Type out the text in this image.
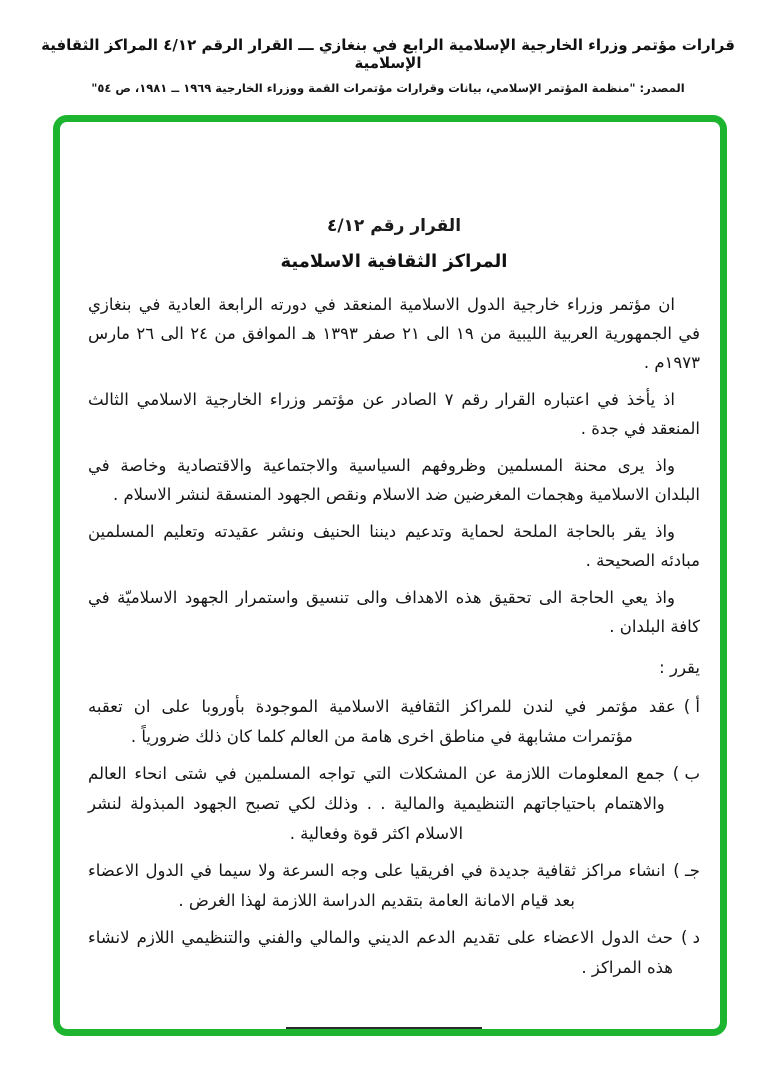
قرارات مؤتمر وزراء الخارجية الإسلامية الرابع في بنغازي ـــ القرار الرقم ٤/١٢ المراكز الثقافية الإسلامية
المصدر: "منظمة المؤتمر الإسلامي، بيانات وقرارات مؤتمرات القمة ووزراء الخارجية ١٩٦٩ ــ ١٩٨١، ص ٥٤"
القرار رقم ٤/١٢
المراكز الثقافية الاسلامية

ان مؤتمر وزراء خارجية الدول الاسلامية المنعقد في دورته الرابعة العادية في بنغازي في الجمهورية العربية الليبية من ١٩ الى ٢١ صفر ١٣٩٣ هـ الموافق من ٢٤ الى ٢٦ مارس ١٩٧٣م .

اذ يأخذ في اعتباره القرار رقم ٧ الصادر عن مؤتمر وزراء الخارجية الاسلامي الثالث المنعقد في جدة .

واذ يرى محنة المسلمين وظروفهم السياسية والاجتماعية والاقتصادية وخاصة في البلدان الاسلامية وهجمات المغرضين ضد الاسلام ونقص الجهود المنسقة لنشر الاسلام .

واذ يقر بالحاجة الملحة لحماية وتدعيم ديننا الحنيف ونشر عقيدته وتعليم المسلمين مبادئه الصحيحة .

واذ يعي الحاجة الى تحقيق هذه الاهداف والى تنسيق واستمرار الجهود الاسلاميّة في كافة البلدان .

يقرر :
أ )
عقد مؤتمر في لندن للمراكز الثقافية الاسلامية الموجودة بأوروبا على ان تعقبه مؤتمرات مشابهة في مناطق اخرى هامة من العالم كلما كان ذلك ضرورياً .
ب )
جمع المعلومات اللازمة عن المشكلات التي تواجه المسلمين في شتى انحاء العالم والاهتمام باحتياجاتهم التنظيمية والمالية . . وذلك لكي تصبح الجهود المبذولة لنشر الاسلام اكثر قوة وفعالية .
جـ )
انشاء مراكز ثقافية جديدة في افريقيا على وجه السرعة ولا سيما في الدول الاعضاء بعد قيام الامانة العامة بتقديم الدراسة اللازمة لهذا الغرض .
د )
حث الدول الاعضاء على تقديم الدعم الديني والمالي والفني والتنظيمي اللازم لانشاء هذه المراكز .
